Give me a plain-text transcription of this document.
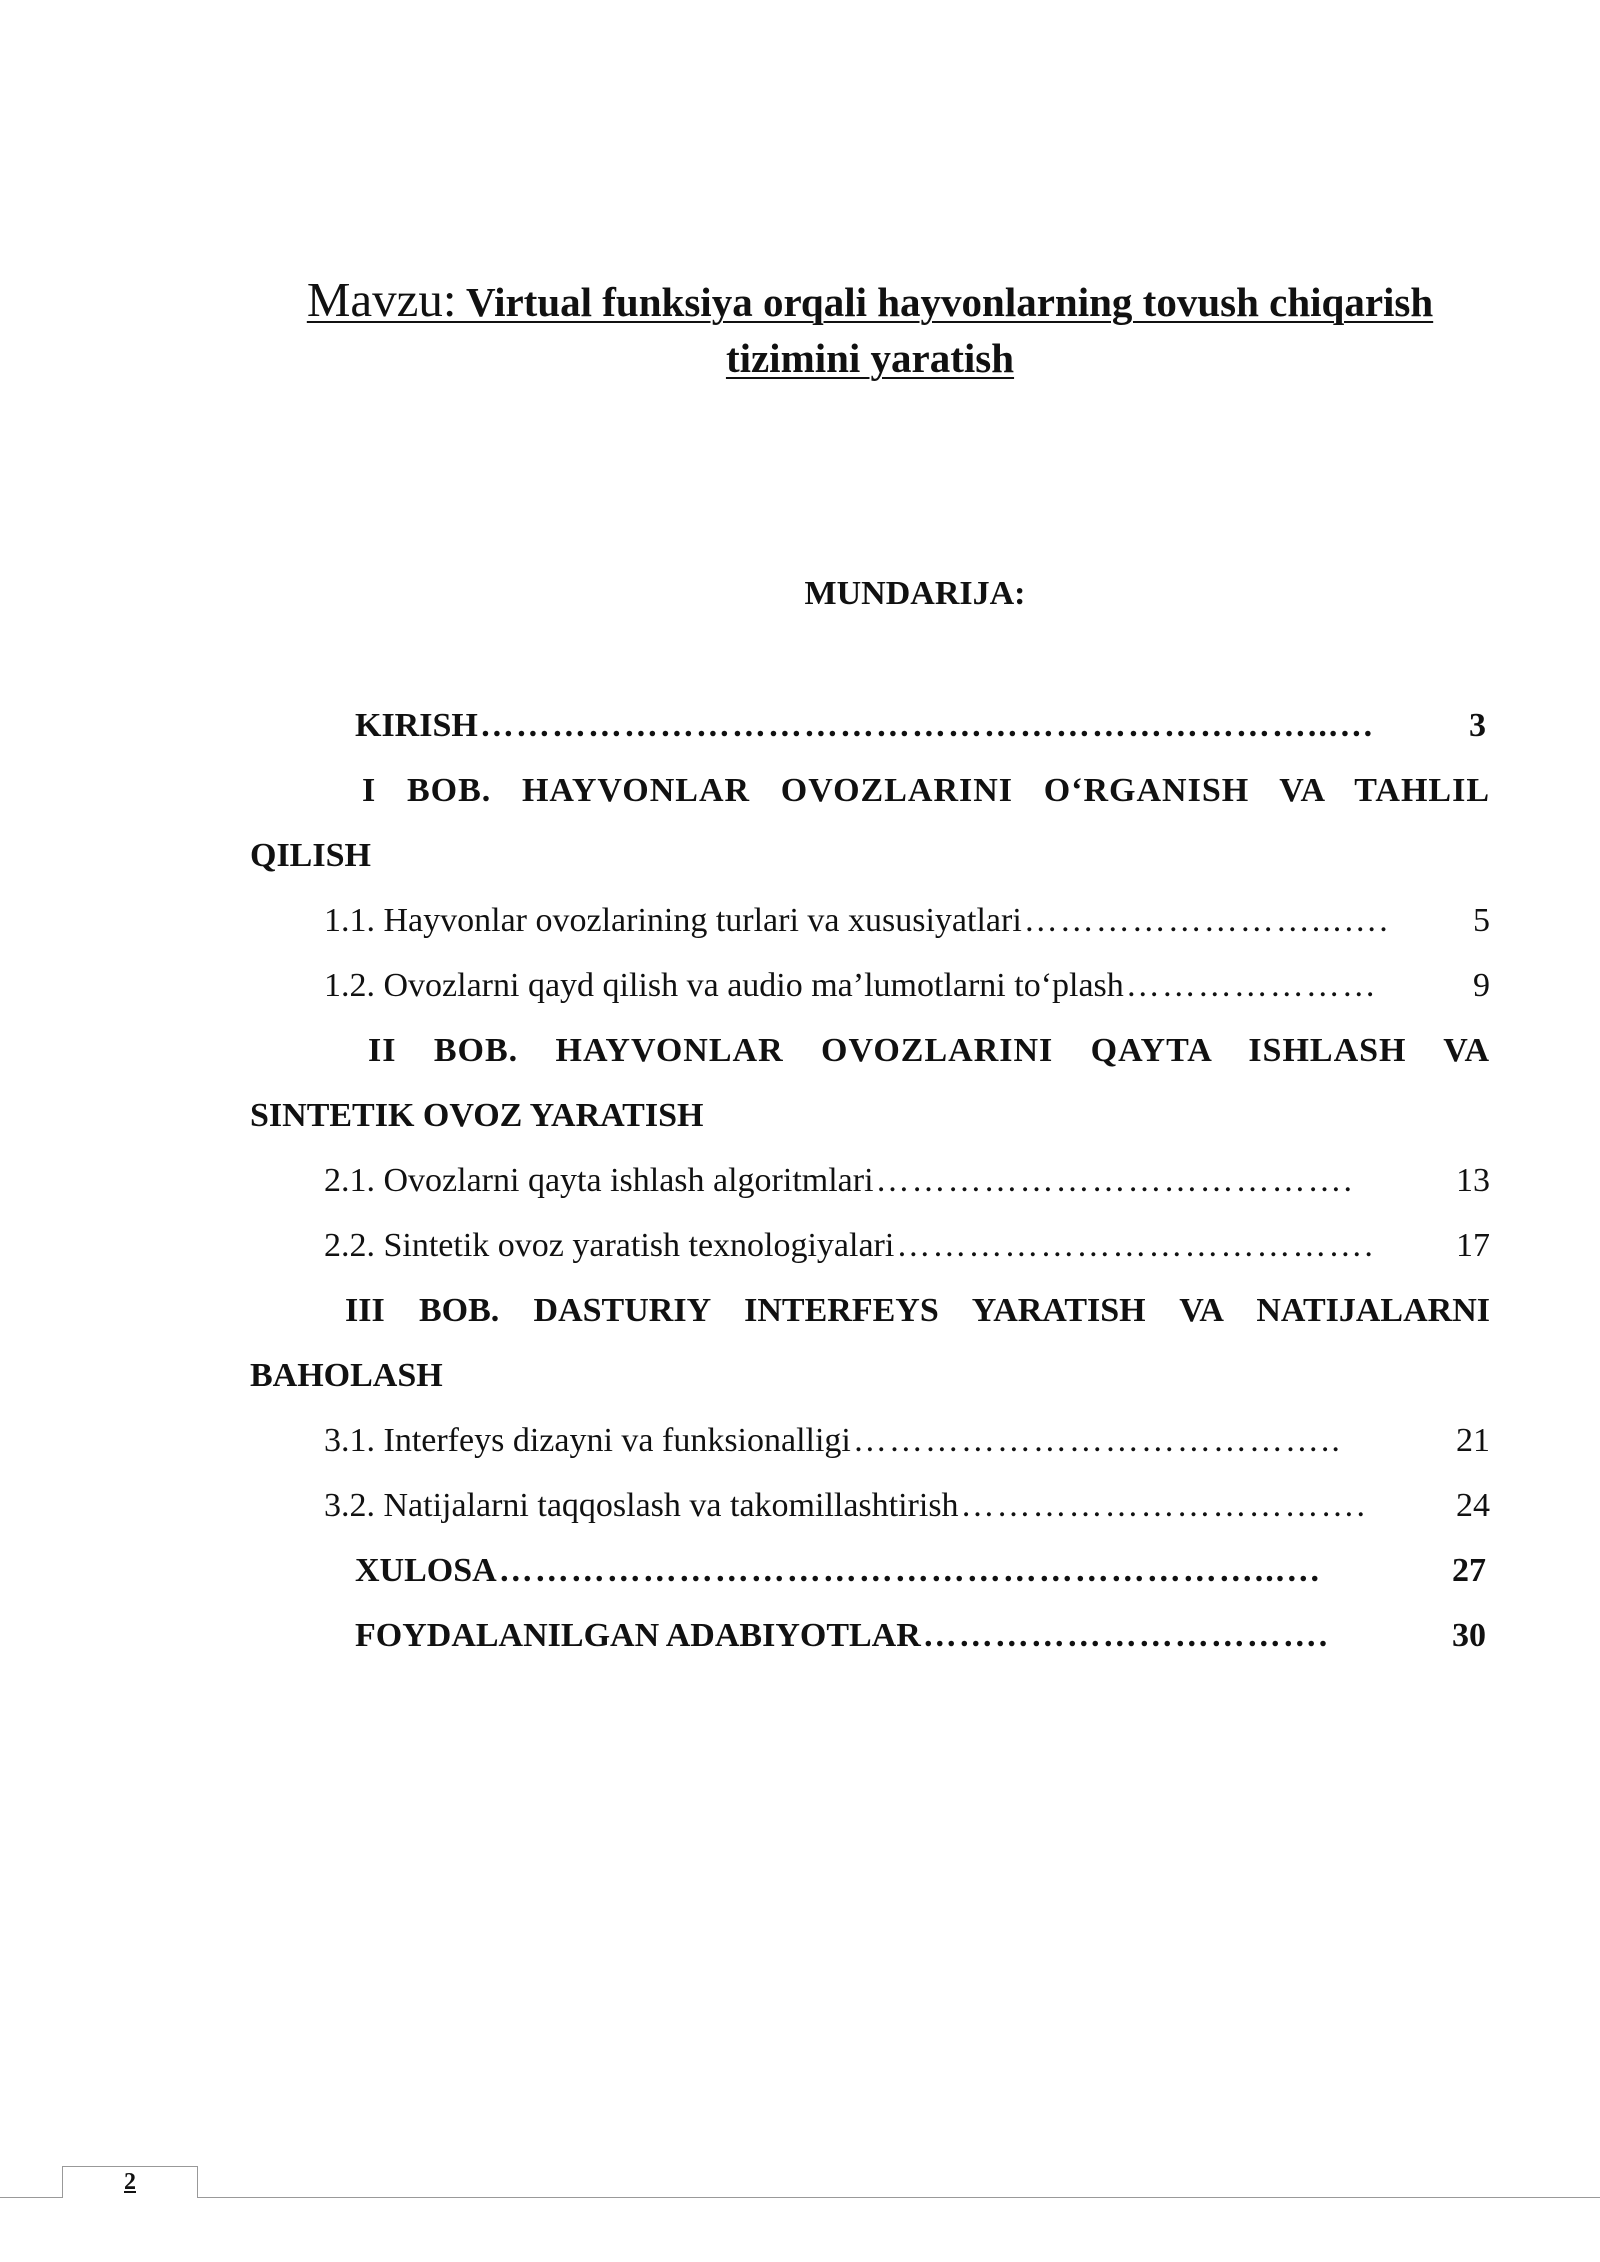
Mavzu: Virtual funksiya orqali hayvonlarning tovush chiqarish
tizimini yaratish
MUNDARIJA:
KIRISH ……………………………………………………………...…	3
I BOB. HAYVONLAR OVOZLARINI O‘RGANISH VA TAHLIL
QILISH
1.1. Hayvonlar ovozlarining turlari va xususiyatlari ……………………...….	5
1.2. Ovozlarni qayd qilish va audio ma’lumotlarni to‘plash …………………	9
II BOB. HAYVONLAR OVOZLARINI QAYTA ISHLASH VA
SINTETIK OVOZ YARATISH
2.1. Ovozlarni qayta ishlash algoritmlari ………………………………….	13
2.2. Sintetik ovoz yaratish texnologiyalari ………………………………….	17
III BOB. DASTURIY INTERFEYS YARATISH VA NATIJALARNI
BAHOLASH
3.1. Interfeys dizayni va funksionalligi …………………………………..	21
3.2. Natijalarni taqqoslash va takomillashtirish …………………………….	24
XULOSA ………………………………………………………...…	27
FOYDALANILGAN ADABIYOTLAR …………………………….	30
2
